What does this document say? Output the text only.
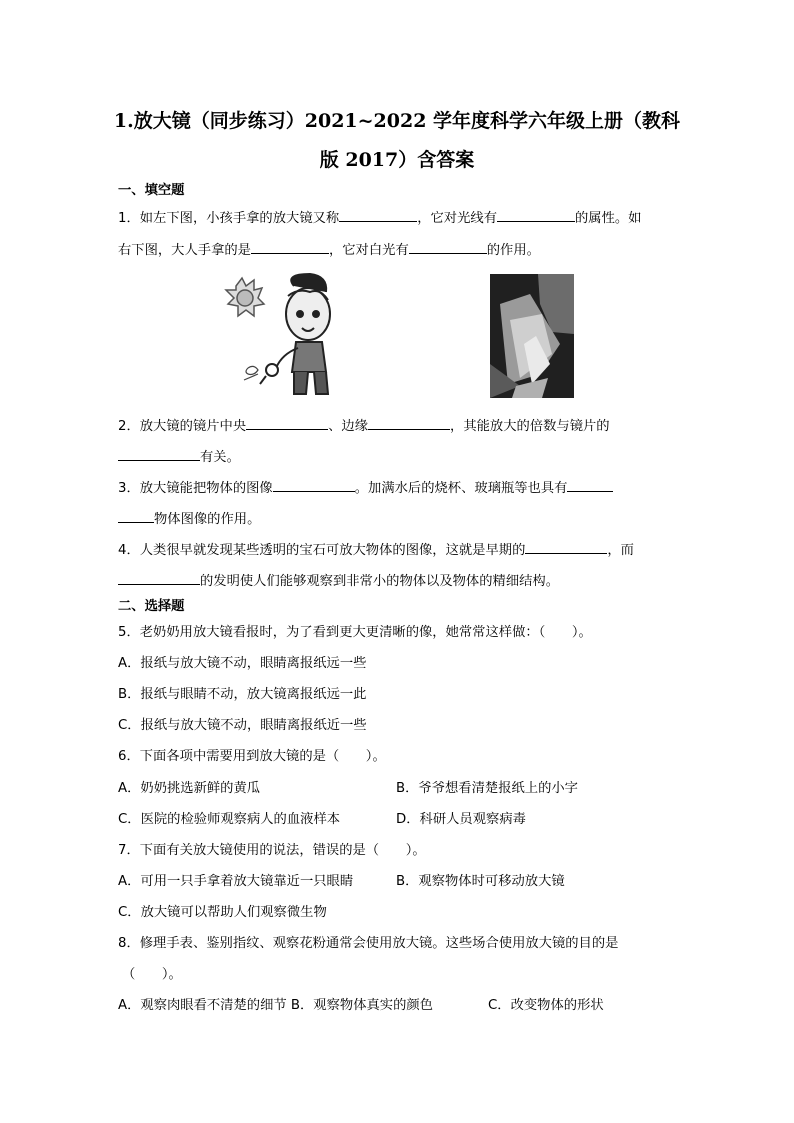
1.放大镜（同步练习）2021~2022 学年度科学六年级上册（教科
版 2017）含答案
一、填空题
1．如左下图，小孩手拿的放大镜又称	，它对光线有	的属性。如
右下图，大人手拿的是	，它对白光有	的作用。
2．放大镜的镜片中央	、边缘	，其能放大的倍数与镜片的
有关。
3．放大镜能把物体的图像	。加满水后的烧杯、玻璃瓶等也具有
物体图像的作用。
4．人类很早就发现某些透明的宝石可放大物体的图像，这就是早期的	，而
的发明使人们能够观察到非常小的物体以及物体的精细结构。
二、选择题
5．老奶奶用放大镜看报时，为了看到更大更清晰的像，她常常这样做：（　　）。
A．报纸与放大镜不动，眼睛离报纸远一些
B．报纸与眼睛不动，放大镜离报纸远一此
C．报纸与放大镜不动，眼睛离报纸近一些
6．下面各项中需要用到放大镜的是（　　）。
A．奶奶挑选新鲜的黄瓜	B．爷爷想看清楚报纸上的小字
C．医院的检验师观察病人的血液样本	D．科研人员观察病毒
7．下面有关放大镜使用的说法，错误的是（　　）。
A．可用一只手拿着放大镜靠近一只眼睛	B．观察物体时可移动放大镜
C．放大镜可以帮助人们观察微生物
8．修理手表、鉴别指纹、观察花粉通常会使用放大镜。这些场合使用放大镜的目的是
（　　）。
A．观察肉眼看不清楚的细节 B．观察物体真实的颜色	C．改变物体的形状
